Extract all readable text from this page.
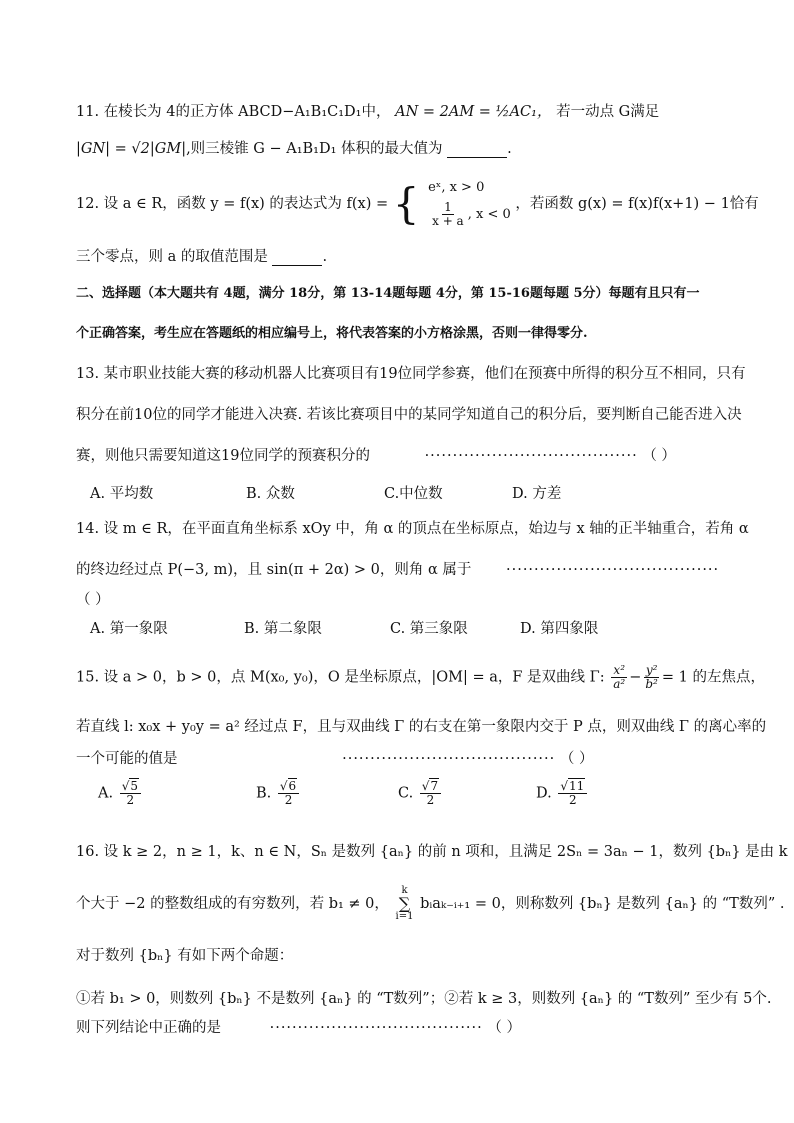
11. 在棱长为 4的正方体 ABCD−A₁B₁C₁D₁中， AN = 2AM = ½AC₁， 若一动点 G满足
|GN| = √2|GM|,则三棱锥 G − A₁B₁D₁ 体积的最大值为	.
12. 设 a ∈ R，函数 y = f(x) 的表达式为 f(x) = { eˣ, x > 0
$\frac{1}{x + a}$ , x < 0
，若函数 g(x) = f(x)f(x+1) − 1恰有
三个零点，则 a 的取值范围是	.
二、选择题（本大题共有 4题，满分 18分，第 13-14题每题 4分，第 15-16题每题 5分）每题有且只有一
个正确答案，考生应在答题纸的相应编号上，将代表答案的小方格涂黑，否则一律得零分.
13. 某市职业技能大赛的移动机器人比赛项目有19位同学参赛，他们在预赛中所得的积分互不相同，只有
积分在前10位的同学才能进入决赛. 若该比赛项目中的某同学知道自己的积分后，要判断自己能否进入决
赛，则他只需要知道这19位同学的预赛积分的	······································ （ ）
A. 平均数	B. 众数	C.中位数	D. 方差
14. 设 m ∈ R，在平面直角坐标系 xOy 中，角 α 的顶点在坐标原点，始边与 x 轴的正半轴重合，若角 α
的终边经过点 P(−3, m)，且 sin(π + 2α) > 0，则角 α 属于 ······································
（ ）
A. 第一象限	B. 第二象限	C. 第三象限	D. 第四象限
15. 设 a > 0，b > 0，点 M(x₀, y₀)，O 是坐标原点，|OM| = a，F 是双曲线 Γ: $\frac{\text{x²}}{\text{a²}} - \frac{\text{y²}}{\text{b²}} = 1$ 的左焦点，
若直线 l: x₀x + y₀y = a² 经过点 F，且与双曲线 Γ 的右支在第一象限内交于 P 点，则双曲线 Γ 的离心率的
一个可能的值是	······································ （ ）
A. $\frac{√5}{2}$	B. $\frac{√6}{2}$	C. $\frac{√7}{2}$	D. $\frac{√11}{2}$
16. 设 k ≥ 2，n ≥ 1，k、n ∈ N，Sₙ 是数列 {aₙ} 的前 n 项和，且满足 2Sₙ = 3aₙ − 1，数列 {bₙ} 是由 k
个大于 −2 的整数组成的有穷数列，若 b₁ ≠ 0，
k
∑
i=1
bᵢaₖ₋ᵢ₊₁ = 0，则称数列 {bₙ} 是数列 {aₙ} 的 “T数列” .
对于数列 {bₙ} 有如下两个命题：
①若 b₁ > 0，则数列 {bₙ} 不是数列 {aₙ} 的 “T数列”；②若 k ≥ 3，则数列 {aₙ} 的 “T数列” 至少有 5个.
则下列结论中正确的是	······································ （ ）
